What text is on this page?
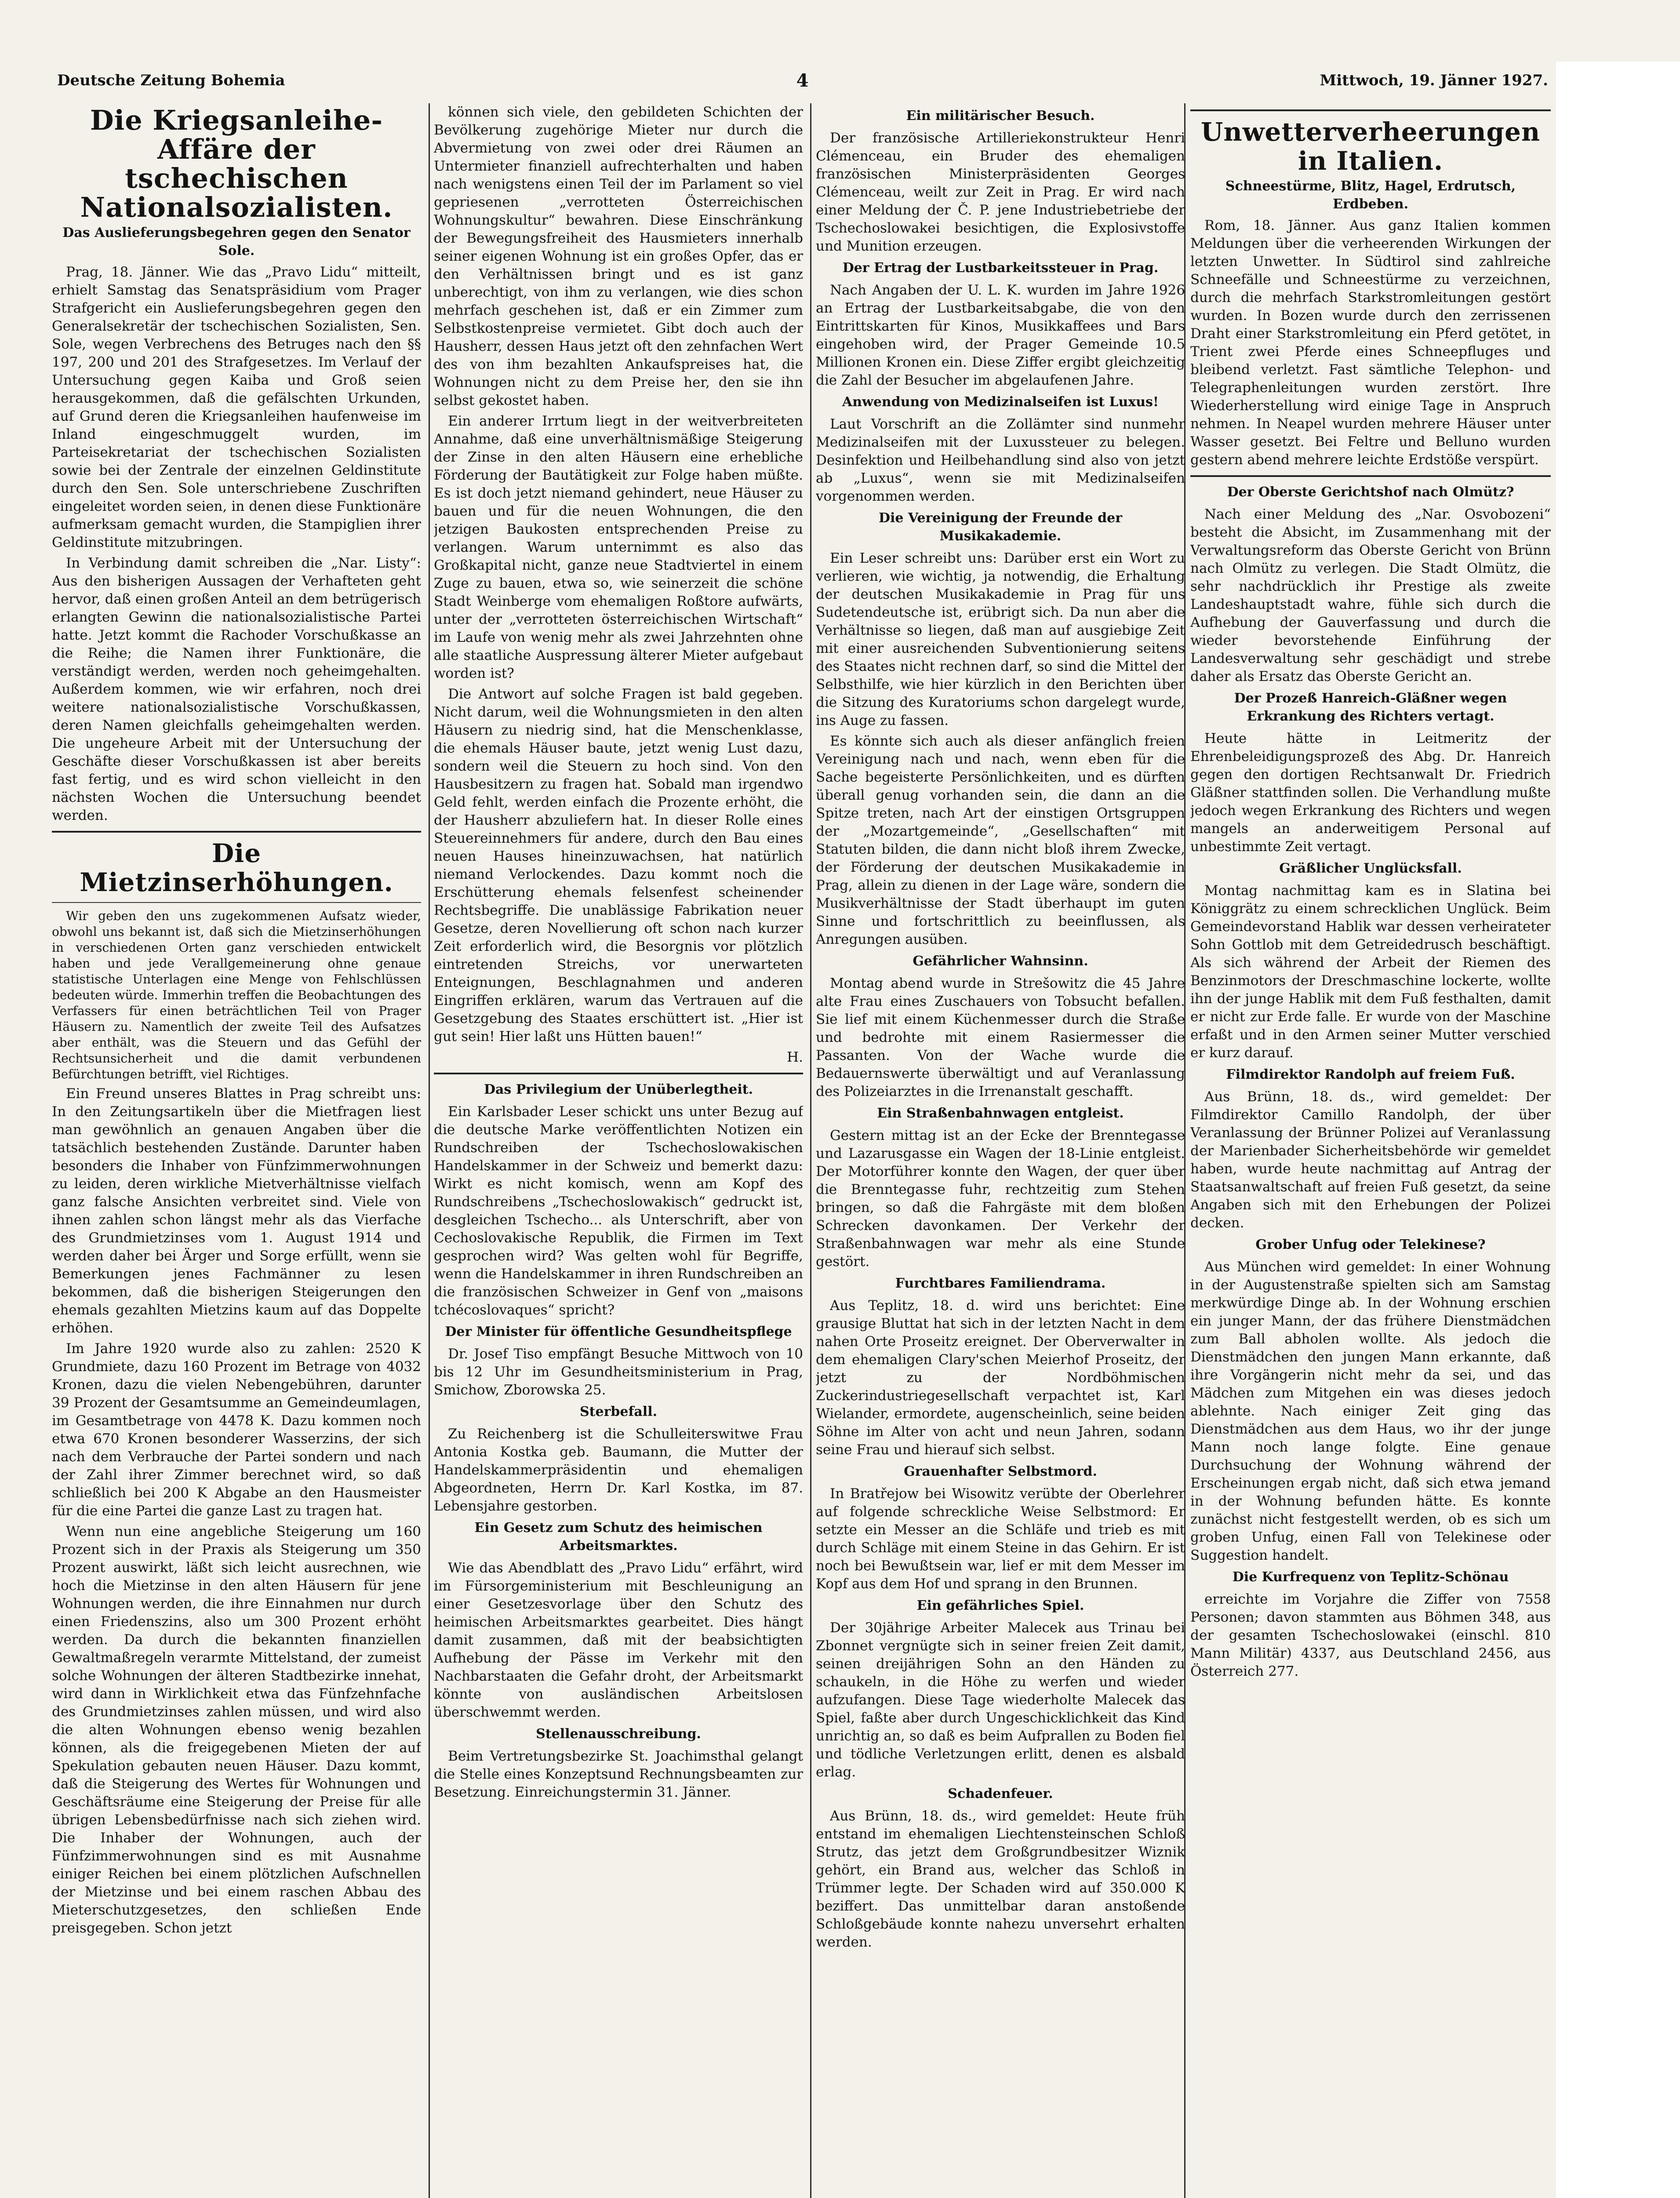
Deutsche Zeitung Bohemia	4	Mittwoch, 19. Jänner 1927.
Die Kriegsanleihe-Affäre der tschechischen Nationalsozialisten.
Das Auslieferungsbegehren gegen den Senator Sole.

Prag, 18. Jänner. Wie das „Pravo Lidu“ mitteilt, erhielt Samstag das Senatspräsidium vom Prager Strafgericht ein Auslieferungsbegehren gegen den Generalsekretär der tschechischen Sozialisten, Sen. Sole, wegen Verbrechens des Betruges nach den §§ 197, 200 und 201 des Strafgesetzes. Im Verlauf der Untersuchung gegen Kaiba und Groß seien herausgekommen, daß die gefälschten Urkunden, auf Grund deren die Kriegsanleihen haufenweise im Inland eingeschmuggelt wurden, im Parteisekretariat der tschechischen Sozialisten sowie bei der Zentrale der einzelnen Geldinstitute durch den Sen. Sole unterschriebene Zuschriften eingeleitet worden seien, in denen diese Funktionäre aufmerksam gemacht wurden, die Stampiglien ihrer Geldinstitute mitzubringen.

In Verbindung damit schreiben die „Nar. Listy“: Aus den bisherigen Aussagen der Verhafteten geht hervor, daß einen großen Anteil an dem betrügerisch erlangten Gewinn die nationalsozialistische Partei hatte. Jetzt kommt die Rachoder Vorschußkasse an die Reihe; die Namen ihrer Funktionäre, die verständigt werden, werden noch geheimgehalten. Außerdem kommen, wie wir erfahren, noch drei weitere nationalsozialistische Vorschußkassen, deren Namen gleichfalls geheimgehalten werden. Die ungeheure Arbeit mit der Untersuchung der Geschäfte dieser Vorschußkassen ist aber bereits fast fertig, und es wird schon vielleicht in den nächsten Wochen die Untersuchung beendet werden.

Die Mietzinserhöhungen.

Wir geben den uns zugekommenen Aufsatz wieder, obwohl uns bekannt ist, daß sich die Mietzinserhöhungen in verschiedenen Orten ganz verschieden entwickelt haben und jede Verallgemeinerung ohne genaue statistische Unterlagen eine Menge von Fehlschlüssen bedeuten würde. Immerhin treffen die Beobachtungen des Verfassers für einen beträchtlichen Teil von Prager Häusern zu. Namentlich der zweite Teil des Aufsatzes aber enthält, was die Steuern und das Gefühl der Rechtsunsicherheit und die damit verbundenen Befürchtungen betrifft, viel Richtiges.

Ein Freund unseres Blattes in Prag schreibt uns: In den Zeitungsartikeln über die Mietfragen liest man gewöhnlich an genauen Angaben über die tatsächlich bestehenden Zustände. Darunter haben besonders die Inhaber von Fünfzimmerwohnungen zu leiden, deren wirkliche Mietverhältnisse vielfach ganz falsche Ansichten verbreitet sind. Viele von ihnen zahlen schon längst mehr als das Vierfache des Grundmietzinses vom 1. August 1914 und werden daher bei Ärger und Sorge erfüllt, wenn sie Bemerkungen jenes Fachmänner zu lesen bekommen, daß die bisherigen Steigerungen den ehemals gezahlten Mietzins kaum auf das Doppelte erhöhen.

Im Jahre 1920 wurde also zu zahlen: 2520 K Grundmiete, dazu 160 Prozent im Betrage von 4032 Kronen, dazu die vielen Nebengebühren, darunter 39 Prozent der Gesamtsumme an Gemeindeumlagen, im Gesamtbetrage von 4478 K. Dazu kommen noch etwa 670 Kronen besonderer Wasserzins, der sich nach dem Verbrauche der Partei sondern und nach der Zahl ihrer Zimmer berechnet wird, so daß schließlich bei 200 K Abgabe an den Hausmeister für die eine Partei die ganze Last zu tragen hat.

Wenn nun eine angebliche Steigerung um 160 Prozent sich in der Praxis als Steigerung um 350 Prozent auswirkt, läßt sich leicht ausrechnen, wie hoch die Mietzinse in den alten Häusern für jene Wohnungen werden, die ihre Einnahmen nur durch einen Friedenszins, also um 300 Prozent erhöht werden. Da durch die bekannten finanziellen Gewaltmaßregeln verarmte Mittelstand, der zumeist solche Wohnungen der älteren Stadtbezirke innehat, wird dann in Wirklichkeit etwa das Fünfzehnfache des Grundmietzinses zahlen müssen, und wird also die alten Wohnungen ebenso wenig bezahlen können, als die freigegebenen Mieten der auf Spekulation gebauten neuen Häuser. Dazu kommt, daß die Steigerung des Wertes für Wohnungen und Geschäftsräume eine Steigerung der Preise für alle übrigen Lebensbedürfnisse nach sich ziehen wird. Die Inhaber der Wohnungen, auch der Fünfzimmerwohnungen sind es mit Ausnahme einiger Reichen bei einem plötzlichen Aufschnellen der Mietzinse und bei einem raschen Abbau des Mieterschutzgesetzes, den schließen Ende preisgegeben. Schon jetzt

können sich viele, den gebildeten Schichten der Bevölkerung zugehörige Mieter nur durch die Abvermietung von zwei oder drei Räumen an Untermieter finanziell aufrechterhalten und haben nach wenigstens einen Teil der im Parlament so viel gepriesenen „verrotteten Österreichischen Wohnungskultur“ bewahren. Diese Einschränkung der Bewegungsfreiheit des Hausmieters innerhalb seiner eigenen Wohnung ist ein großes Opfer, das er den Verhältnissen bringt und es ist ganz unberechtigt, von ihm zu verlangen, wie dies schon mehrfach geschehen ist, daß er ein Zimmer zum Selbstkostenpreise vermietet. Gibt doch auch der Hausherr, dessen Haus jetzt oft den zehnfachen Wert des von ihm bezahlten Ankaufspreises hat, die Wohnungen nicht zu dem Preise her, den sie ihn selbst gekostet haben.

Ein anderer Irrtum liegt in der weitverbreiteten Annahme, daß eine unverhältnismäßige Steigerung der Zinse in den alten Häusern eine erhebliche Förderung der Bautätigkeit zur Folge haben müßte. Es ist doch jetzt niemand gehindert, neue Häuser zu bauen und für die neuen Wohnungen, die den jetzigen Baukosten entsprechenden Preise zu verlangen. Warum unternimmt es also das Großkapital nicht, ganze neue Stadtviertel in einem Zuge zu bauen, etwa so, wie seinerzeit die schöne Stadt Weinberge vom ehemaligen Roßtore aufwärts, unter der „verrotteten österreichischen Wirtschaft“ im Laufe von wenig mehr als zwei Jahrzehnten ohne alle staatliche Auspressung älterer Mieter aufgebaut worden ist?

Die Antwort auf solche Fragen ist bald gegeben. Nicht darum, weil die Wohnungsmieten in den alten Häusern zu niedrig sind, hat die Menschenklasse, die ehemals Häuser baute, jetzt wenig Lust dazu, sondern weil die Steuern zu hoch sind. Von den Hausbesitzern zu fragen hat. Sobald man irgendwo Geld fehlt, werden einfach die Prozente erhöht, die der Hausherr abzuliefern hat. In dieser Rolle eines Steuereinnehmers für andere, durch den Bau eines neuen Hauses hineinzuwachsen, hat natürlich niemand Verlockendes. Dazu kommt noch die Erschütterung ehemals felsenfest scheinender Rechtsbegriffe. Die unablässige Fabrikation neuer Gesetze, deren Novellierung oft schon nach kurzer Zeit erforderlich wird, die Besorgnis vor plötzlich eintretenden Streichs, vor unerwarteten Enteignungen, Beschlagnahmen und anderen Eingriffen erklären, warum das Vertrauen auf die Gesetzgebung des Staates erschüttert ist. „Hier ist gut sein! Hier laßt uns Hütten bauen!“

H.

Das Privilegium der Unüberlegtheit.

Ein Karlsbader Leser schickt uns unter Bezug auf die deutsche Marke veröffentlichten Notizen ein Rundschreiben der Tschechoslowakischen Handelskammer in der Schweiz und bemerkt dazu: Wirkt es nicht komisch, wenn am Kopf des Rundschreibens „Tschechoslowakisch“ gedruckt ist, desgleichen Tschecho... als Unterschrift, aber von Cechoslovakische Republik, die Firmen im Text gesprochen wird? Was gelten wohl für Begriffe, wenn die Handelskammer in ihren Rundschreiben an die französischen Schweizer in Genf von „maisons tchécoslovaques“ spricht?

Der Minister für öffentliche Gesundheitspflege

Dr. Josef Tiso empfängt Besuche Mittwoch von 10 bis 12 Uhr im Gesundheitsministerium in Prag, Smichow, Zborowska 25.

Sterbefall.

Zu Reichenberg ist die Schulleiterswitwe Frau Antonia Kostka geb. Baumann, die Mutter der Handelskammerpräsidentin und ehemaligen Abgeordneten, Herrn Dr. Karl Kostka, im 87. Lebensjahre gestorben.

Ein Gesetz zum Schutz des heimischen Arbeitsmarktes.

Wie das Abendblatt des „Pravo Lidu“ erfährt, wird im Fürsorgeministerium mit Beschleunigung an einer Gesetzesvorlage über den Schutz des heimischen Arbeitsmarktes gearbeitet. Dies hängt damit zusammen, daß mit der beabsichtigten Aufhebung der Pässe im Verkehr mit den Nachbarstaaten die Gefahr droht, der Arbeitsmarkt könnte von ausländischen Arbeitslosen überschwemmt werden.

Stellenausschreibung.

Beim Vertretungsbezirke St. Joachimsthal gelangt die Stelle eines Konzeptsund Rechnungsbeamten zur Besetzung. Einreichungstermin 31. Jänner.

Ein militärischer Besuch.

Der französische Artilleriekonstrukteur Henri Clémenceau, ein Bruder des ehemaligen französischen Ministerpräsidenten Georges Clémenceau, weilt zur Zeit in Prag. Er wird nach einer Meldung der Č. P. jene Industriebetriebe der Tschechoslowakei besichtigen, die Explosivstoffe und Munition erzeugen.

Der Ertrag der Lustbarkeitssteuer in Prag.

Nach Angaben der U. L. K. wurden im Jahre 1926 an Ertrag der Lustbarkeitsabgabe, die von den Eintrittskarten für Kinos, Musikkaffees und Bars eingehoben wird, der Prager Gemeinde 10.5 Millionen Kronen ein. Diese Ziffer ergibt gleichzeitig die Zahl der Besucher im abgelaufenen Jahre.

Anwendung von Medizinalseifen ist Luxus!

Laut Vorschrift an die Zollämter sind nunmehr Medizinalseifen mit der Luxussteuer zu belegen. Desinfektion und Heilbehandlung sind also von jetzt ab „Luxus“, wenn sie mit Medizinalseifen vorgenommen werden.

Die Vereinigung der Freunde der Musikakademie.

Ein Leser schreibt uns: Darüber erst ein Wort zu verlieren, wie wichtig, ja notwendig, die Erhaltung der deutschen Musikakademie in Prag für uns Sudetendeutsche ist, erübrigt sich. Da nun aber die Verhältnisse so liegen, daß man auf ausgiebige Zeit mit einer ausreichenden Subventionierung seitens des Staates nicht rechnen darf, so sind die Mittel der Selbsthilfe, wie hier kürzlich in den Berichten über die Sitzung des Kuratoriums schon dargelegt wurde, ins Auge zu fassen.

Es könnte sich auch als dieser anfänglich freien Vereinigung nach und nach, wenn eben für die Sache begeisterte Persönlichkeiten, und es dürften überall genug vorhanden sein, die dann an die Spitze treten, nach Art der einstigen Ortsgruppen der „Mozartgemeinde“, „Gesellschaften“ mit Statuten bilden, die dann nicht bloß ihrem Zwecke, der Förderung der deutschen Musikakademie in Prag, allein zu dienen in der Lage wäre, sondern die Musikverhältnisse der Stadt überhaupt im guten Sinne und fortschrittlich zu beeinflussen, als Anregungen ausüben.

Gefährlicher Wahnsinn.

Montag abend wurde in Strešowitz die 45 Jahre alte Frau eines Zuschauers von Tobsucht befallen. Sie lief mit einem Küchenmesser durch die Straße und bedrohte mit einem Rasiermesser die Passanten. Von der Wache wurde die Bedauernswerte überwältigt und auf Veranlassung des Polizeiarztes in die Irrenanstalt geschafft.

Ein Straßenbahnwagen entgleist.

Gestern mittag ist an der Ecke der Brenntegasse und Lazarusgasse ein Wagen der 18-Linie entgleist. Der Motorführer konnte den Wagen, der quer über die Brenntegasse fuhr, rechtzeitig zum Stehen bringen, so daß die Fahrgäste mit dem bloßen Schrecken davonkamen. Der Verkehr der Straßenbahnwagen war mehr als eine Stunde gestört.

Furchtbares Familiendrama.

Aus Teplitz, 18. d. wird uns berichtet: Eine grausige Bluttat hat sich in der letzten Nacht in dem nahen Orte Proseitz ereignet. Der Oberverwalter in dem ehemaligen Clary'schen Meierhof Proseitz, der jetzt zu der Nordböhmischen Zuckerindustriegesellschaft verpachtet ist, Karl Wielander, ermordete, augenscheinlich, seine beiden Söhne im Alter von acht und neun Jahren, sodann seine Frau und hierauf sich selbst.

Grauenhafter Selbstmord.

In Bratřejow bei Wisowitz verübte der Oberlehrer auf folgende schreckliche Weise Selbstmord: Er setzte ein Messer an die Schläfe und trieb es mit durch Schläge mit einem Steine in das Gehirn. Er ist noch bei Bewußtsein war, lief er mit dem Messer im Kopf aus dem Hof und sprang in den Brunnen.

Ein gefährliches Spiel.

Der 30jährige Arbeiter Malecek aus Trinau bei Zbonnet vergnügte sich in seiner freien Zeit damit, seinen dreijährigen Sohn an den Händen zu schaukeln, in die Höhe zu werfen und wieder aufzufangen. Diese Tage wiederholte Malecek das Spiel, faßte aber durch Ungeschicklichkeit das Kind unrichtig an, so daß es beim Aufprallen zu Boden fiel und tödliche Verletzungen erlitt, denen es alsbald erlag.

Schadenfeuer.

Aus Brünn, 18. ds., wird gemeldet: Heute früh entstand im ehemaligen Liechtensteinschen Schloß Strutz, das jetzt dem Großgrundbesitzer Wiznik gehört, ein Brand aus, welcher das Schloß in Trümmer legte. Der Schaden wird auf 350.000 K beziffert. Das unmittelbar daran anstoßende Schloßgebäude konnte nahezu unversehrt erhalten werden.

Unwetterverheerungen in Italien.
Schneestürme, Blitz, Hagel, Erdrutsch, Erdbeben.

Rom, 18. Jänner. Aus ganz Italien kommen Meldungen über die verheerenden Wirkungen der letzten Unwetter. In Südtirol sind zahlreiche Schneefälle und Schneestürme zu verzeichnen, durch die mehrfach Starkstromleitungen gestört wurden. In Bozen wurde durch den zerrissenen Draht einer Starkstromleitung ein Pferd getötet, in Trient zwei Pferde eines Schneepfluges und bleibend verletzt. Fast sämtliche Telephon- und Telegraphenleitungen wurden zerstört. Ihre Wiederherstellung wird einige Tage in Anspruch nehmen. In Neapel wurden mehrere Häuser unter Wasser gesetzt. Bei Feltre und Belluno wurden gestern abend mehrere leichte Erdstöße verspürt.

Der Oberste Gerichtshof nach Olmütz?

Nach einer Meldung des „Nar. Osvobozeni“ besteht die Absicht, im Zusammenhang mit der Verwaltungsreform das Oberste Gericht von Brünn nach Olmütz zu verlegen. Die Stadt Olmütz, die sehr nachdrücklich ihr Prestige als zweite Landeshauptstadt wahre, fühle sich durch die Aufhebung der Gauverfassung und durch die wieder bevorstehende Einführung der Landesverwaltung sehr geschädigt und strebe daher als Ersatz das Oberste Gericht an.

Der Prozeß Hanreich-Gläßner wegen Erkrankung des Richters vertagt.

Heute hätte in Leitmeritz der Ehrenbeleidigungsprozeß des Abg. Dr. Hanreich gegen den dortigen Rechtsanwalt Dr. Friedrich Gläßner stattfinden sollen. Die Verhandlung mußte jedoch wegen Erkrankung des Richters und wegen mangels an anderweitigem Personal auf unbestimmte Zeit vertagt.

Gräßlicher Unglücksfall.

Montag nachmittag kam es in Slatina bei Königgrätz zu einem schrecklichen Unglück. Beim Gemeindevorstand Hablik war dessen verheirateter Sohn Gottlob mit dem Getreidedrusch beschäftigt. Als sich während der Arbeit der Riemen des Benzinmotors der Dreschmaschine lockerte, wollte ihn der junge Hablik mit dem Fuß festhalten, damit er nicht zur Erde falle. Er wurde von der Maschine erfaßt und in den Armen seiner Mutter verschied er kurz darauf.

Filmdirektor Randolph auf freiem Fuß.

Aus Brünn, 18. ds., wird gemeldet: Der Filmdirektor Camillo Randolph, der über Veranlassung der Brünner Polizei auf Veranlassung der Marienbader Sicherheitsbehörde wir gemeldet haben, wurde heute nachmittag auf Antrag der Staatsanwaltschaft auf freien Fuß gesetzt, da seine Angaben sich mit den Erhebungen der Polizei decken.

Grober Unfug oder Telekinese?

Aus München wird gemeldet: In einer Wohnung in der Augustenstraße spielten sich am Samstag merkwürdige Dinge ab. In der Wohnung erschien ein junger Mann, der das frühere Dienstmädchen zum Ball abholen wollte. Als jedoch die Dienstmädchen den jungen Mann erkannte, daß ihre Vorgängerin nicht mehr da sei, und das Mädchen zum Mitgehen ein was dieses jedoch ablehnte. Nach einiger Zeit ging das Dienstmädchen aus dem Haus, wo ihr der junge Mann noch lange folgte. Eine genaue Durchsuchung der Wohnung während der Erscheinungen ergab nicht, daß sich etwa jemand in der Wohnung befunden hätte. Es konnte zunächst nicht festgestellt werden, ob es sich um groben Unfug, einen Fall von Telekinese oder Suggestion handelt.

Die Kurfrequenz von Teplitz-Schönau

erreichte im Vorjahre die Ziffer von 7558 Personen; davon stammten aus Böhmen 348, aus der gesamten Tschechoslowakei (einschl. 810 Mann Militär) 4337, aus Deutschland 2456, aus Österreich 277.
